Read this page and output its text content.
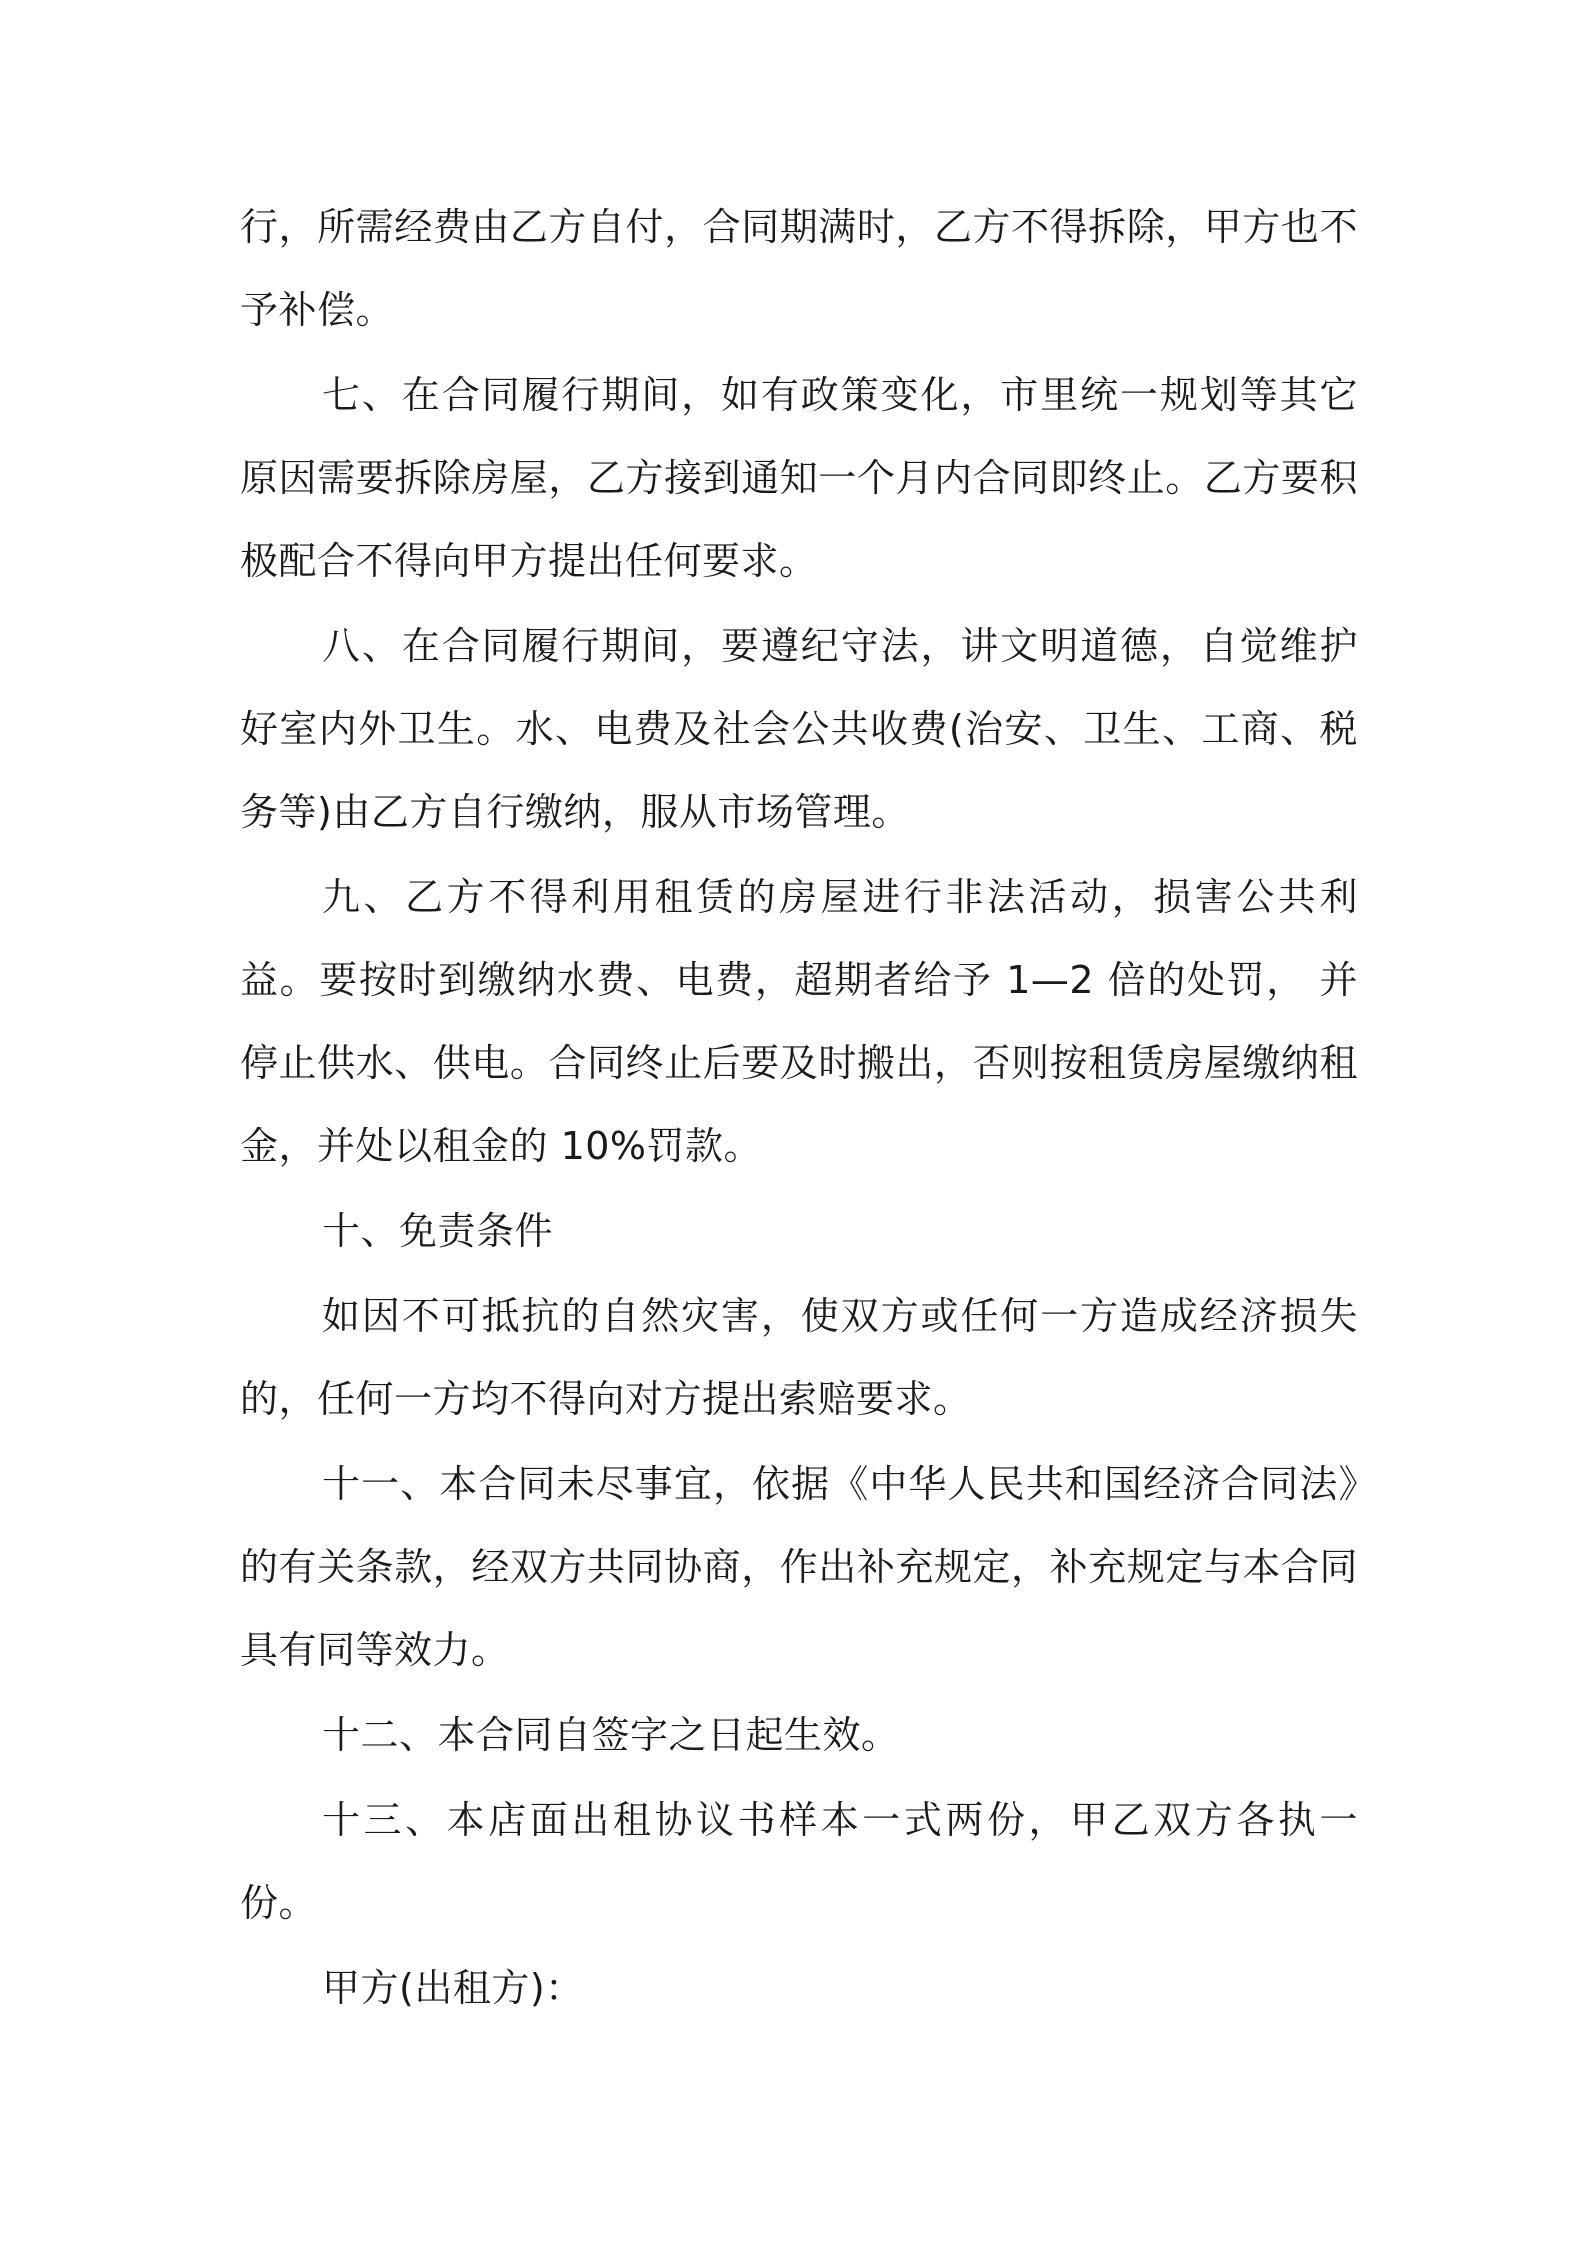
行，所需经费由乙方自付，合同期满时，乙方不得拆除，甲方也不予补偿。

七、在合同履行期间，如有政策变化，市里统一规划等其它原因需要拆除房屋，乙方接到通知一个月内合同即终止。乙方要积极配合不得向甲方提出任何要求。

八、在合同履行期间，要遵纪守法，讲文明道德，自觉维护好室内外卫生。水、电费及社会公共收费(治安、卫生、工商、税务等)由乙方自行缴纳，服从市场管理。

九、乙方不得利用租赁的房屋进行非法活动，损害公共利益。要按时到缴纳水费、电费，超期者给予 1—2 倍的处罚， 并停止供水、供电。合同终止后要及时搬出，否则按租赁房屋缴纳租金，并处以租金的 10%罚款。

十、免责条件

如因不可抵抗的自然灾害，使双方或任何一方造成经济损失的，任何一方均不得向对方提出索赔要求。

十一、本合同未尽事宜，依据《中华人民共和国经济合同法》的有关条款，经双方共同协商，作出补充规定，补充规定与本合同具有同等效力。

十二、本合同自签字之日起生效。

十三、本店面出租协议书样本一式两份，甲乙双方各执一份。

甲方(出租方)：
